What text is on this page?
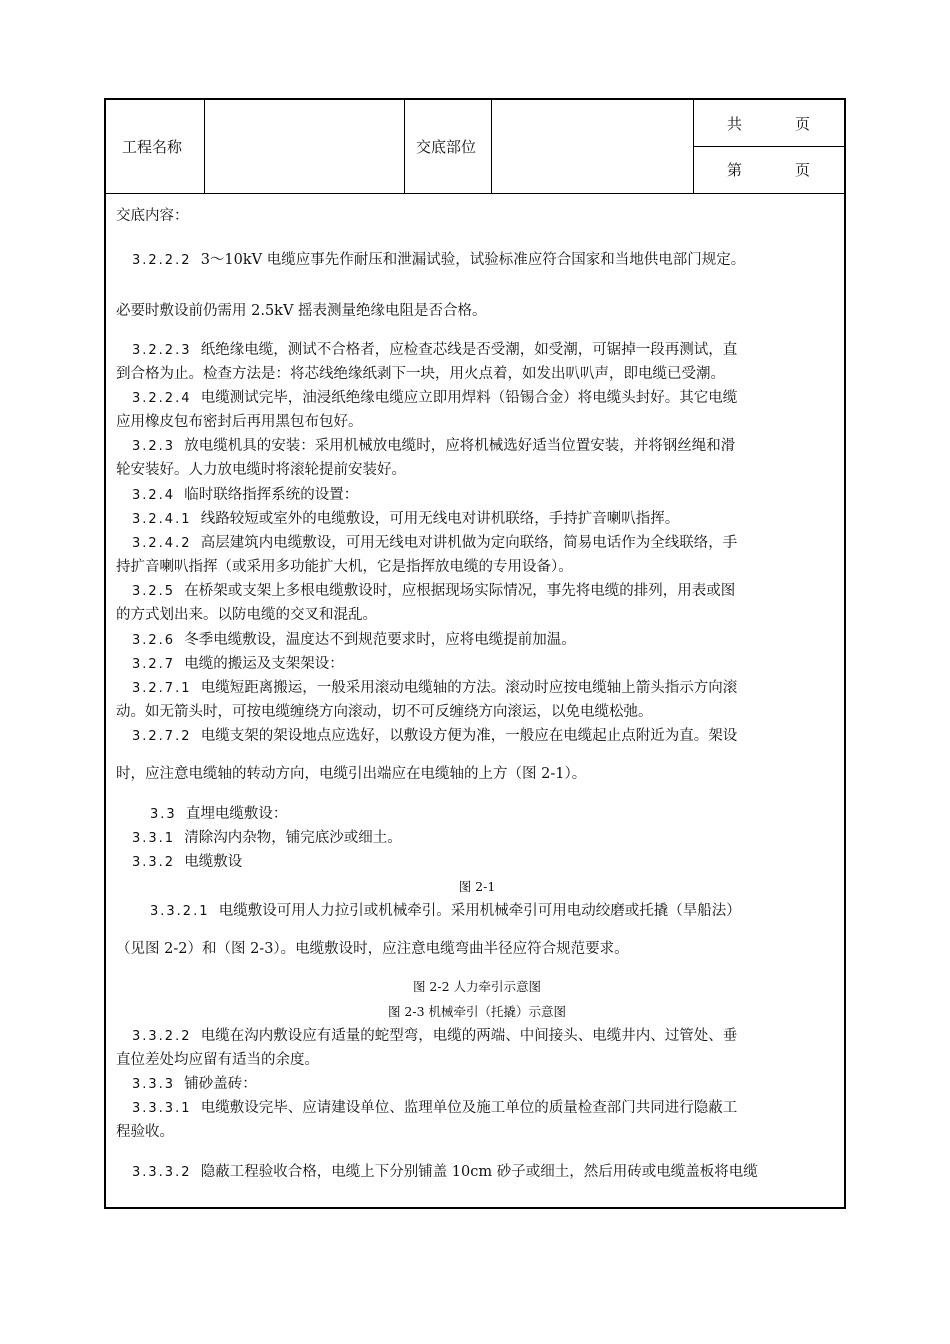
工程名称	交底部位
共	页
第	页
交底内容：
3.2.2.2 3～10kV 电缆应事先作耐压和泄漏试验，试验标准应符合国家和当地供电部门规定。
必要时敷设前仍需用 2.5kV 摇表测量绝缘电阻是否合格。
3.2.2.3 纸绝缘电缆，测试不合格者，应检查芯线是否受潮，如受潮，可锯掉一段再测试，直
到合格为止。检查方法是：将芯线绝缘纸剥下一块，用火点着，如发出叭叭声，即电缆已受潮。
3.2.2.4 电缆测试完毕，油浸纸绝缘电缆应立即用焊料（铅锡合金）将电缆头封好。其它电缆
应用橡皮包布密封后再用黑包布包好。
3.2.3 放电缆机具的安装：采用机械放电缆时，应将机械选好适当位置安装，并将钢丝绳和滑
轮安装好。人力放电缆时将滚轮提前安装好。
3.2.4 临时联络指挥系统的设置：
3.2.4.1 线路较短或室外的电缆敷设，可用无线电对讲机联络，手持扩音喇叭指挥。
3.2.4.2 高层建筑内电缆敷设，可用无线电对讲机做为定向联络，简易电话作为全线联络，手
持扩音喇叭指挥（或采用多功能扩大机，它是指挥放电缆的专用设备）。
3.2.5 在桥架或支架上多根电缆敷设时，应根据现场实际情况，事先将电缆的排列，用表或图
的方式划出来。以防电缆的交叉和混乱。
3.2.6 冬季电缆敷设，温度达不到规范要求时，应将电缆提前加温。
3.2.7 电缆的搬运及支架架设：
3.2.7.1 电缆短距离搬运，一般采用滚动电缆轴的方法。滚动时应按电缆轴上箭头指示方向滚
动。如无箭头时，可按电缆缠绕方向滚动，切不可反缠绕方向滚运，以免电缆松弛。
3.2.7.2 电缆支架的架设地点应选好，以敷设方便为准，一般应在电缆起止点附近为直。架设
时，应注意电缆轴的转动方向，电缆引出端应在电缆轴的上方（图 2-1）。
3.3 直埋电缆敷设：
3.3.1 清除沟内杂物，铺完底沙或细土。
3.3.2 电缆敷设
图 2-1
3.3.2.1 电缆敷设可用人力拉引或机械牵引。采用机械牵引可用电动绞磨或托撬（旱船法）
（见图 2-2）和（图 2-3）。电缆敷设时，应注意电缆弯曲半径应符合规范要求。
图 2-2 人力牵引示意图
图 2-3 机械牵引（托撬）示意图
3.3.2.2 电缆在沟内敷设应有适量的蛇型弯，电缆的两端、中间接头、电缆井内、过管处、垂
直位差处均应留有适当的余度。
3.3.3 铺砂盖砖：
3.3.3.1 电缆敷设完毕、应请建设单位、监理单位及施工单位的质量检查部门共同进行隐蔽工
程验收。
3.3.3.2 隐蔽工程验收合格，电缆上下分别铺盖 10cm 砂子或细土，然后用砖或电缆盖板将电缆
